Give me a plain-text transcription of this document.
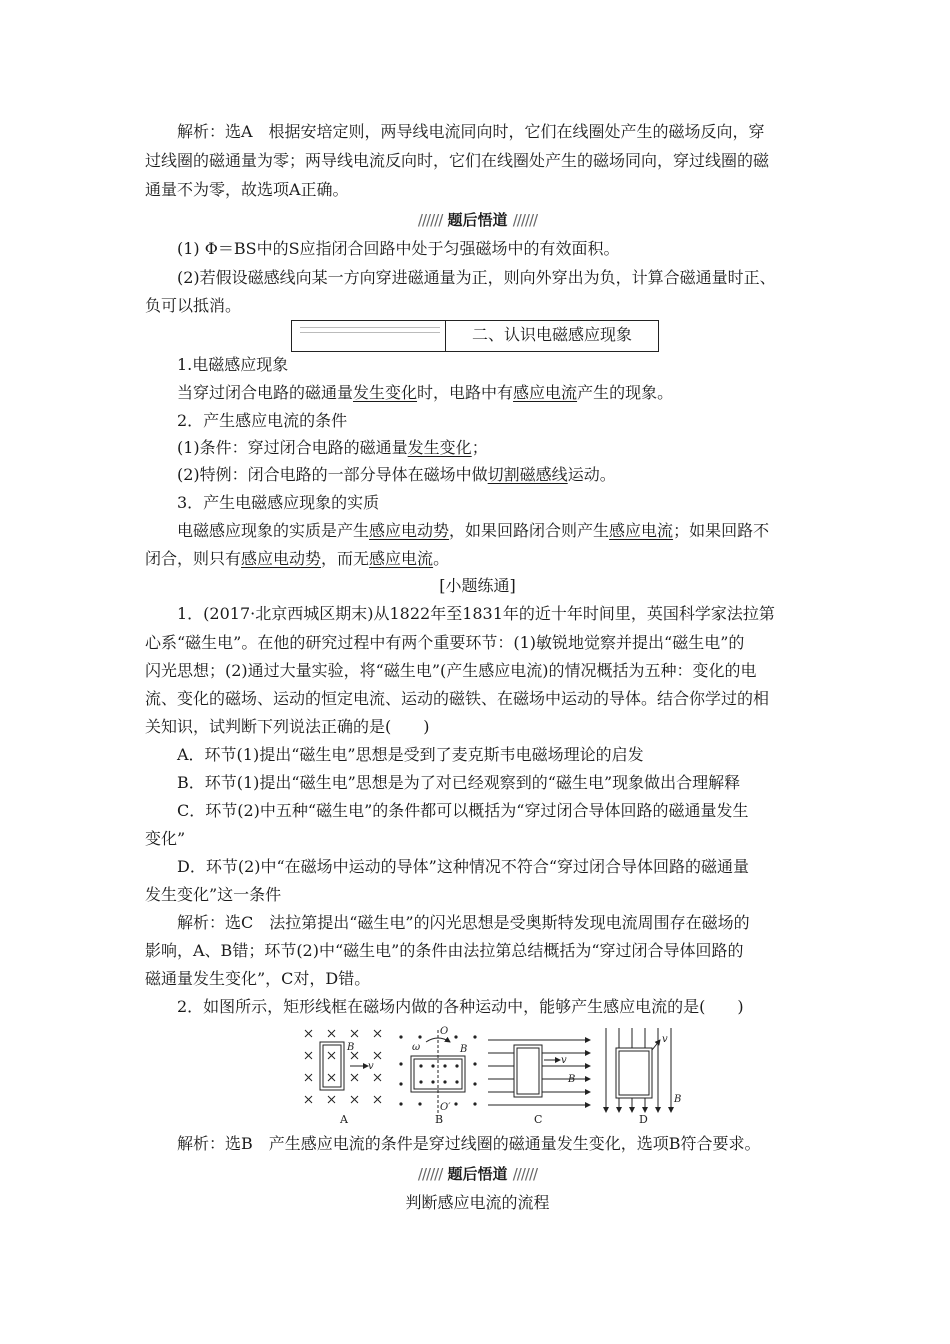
解析：选A　根据安培定则，两导线电流同向时，它们在线圈处产生的磁场反向，穿
过线圈的磁通量为零；两导线电流反向时，它们在线圈处产生的磁场同向，穿过线圈的磁
通量不为零，故选项A正确。
////// 题后悟道 //////
(1) Φ＝BS中的S应指闭合回路中处于匀强磁场中的有效面积。
(2)若假设磁感线向某一方向穿进磁通量为正，则向外穿出为负，计算合磁通量时正、
负可以抵消。
二、认识电磁感应现象
1.电磁感应现象
当穿过闭合电路的磁通量发生变化时，电路中有感应电流产生的现象。
2．产生感应电流的条件
(1)条件：穿过闭合电路的磁通量发生变化；
(2)特例：闭合电路的一部分导体在磁场中做切割磁感线运动。
3．产生电磁感应现象的实质
电磁感应现象的实质是产生感应电动势，如果回路闭合则产生感应电流；如果回路不
闭合，则只有感应电动势，而无感应电流。
[小题练通]
1．(2017·北京西城区期末)从1822年至1831年的近十年时间里，英国科学家法拉第
心系“磁生电”。在他的研究过程中有两个重要环节：(1)敏锐地觉察并提出“磁生电”的
闪光思想；(2)通过大量实验，将“磁生电”(产生感应电流)的情况概括为五种：变化的电
流、变化的磁场、运动的恒定电流、运动的磁铁、在磁场中运动的导体。结合你学过的相
关知识，试判断下列说法正确的是(　　)
A．环节(1)提出“磁生电”思想是受到了麦克斯韦电磁场理论的启发
B．环节(1)提出“磁生电”思想是为了对已经观察到的“磁生电”现象做出合理解释
C．环节(2)中五种“磁生电”的条件都可以概括为“穿过闭合导体回路的磁通量发生
变化”
D．环节(2)中“在磁场中运动的导体”这种情况不符合“穿过闭合导体回路的磁通量
发生变化”这一条件
解析：选C　法拉第提出“磁生电”的闪光思想是受奥斯特发现电流周围存在磁场的
影响，A、B错；环节(2)中“磁生电”的条件由法拉第总结概括为“穿过闭合导体回路的
磁通量发生变化”，C对，D错。
2．如图所示，矩形线框在磁场内做的各种运动中，能够产生感应电流的是(　　)
B
v
A
O
O′
ω	B
B
v
B
C
v
B
D
解析：选B　产生感应电流的条件是穿过线圈的磁通量发生变化，选项B符合要求。
////// 题后悟道 //////
判断感应电流的流程
